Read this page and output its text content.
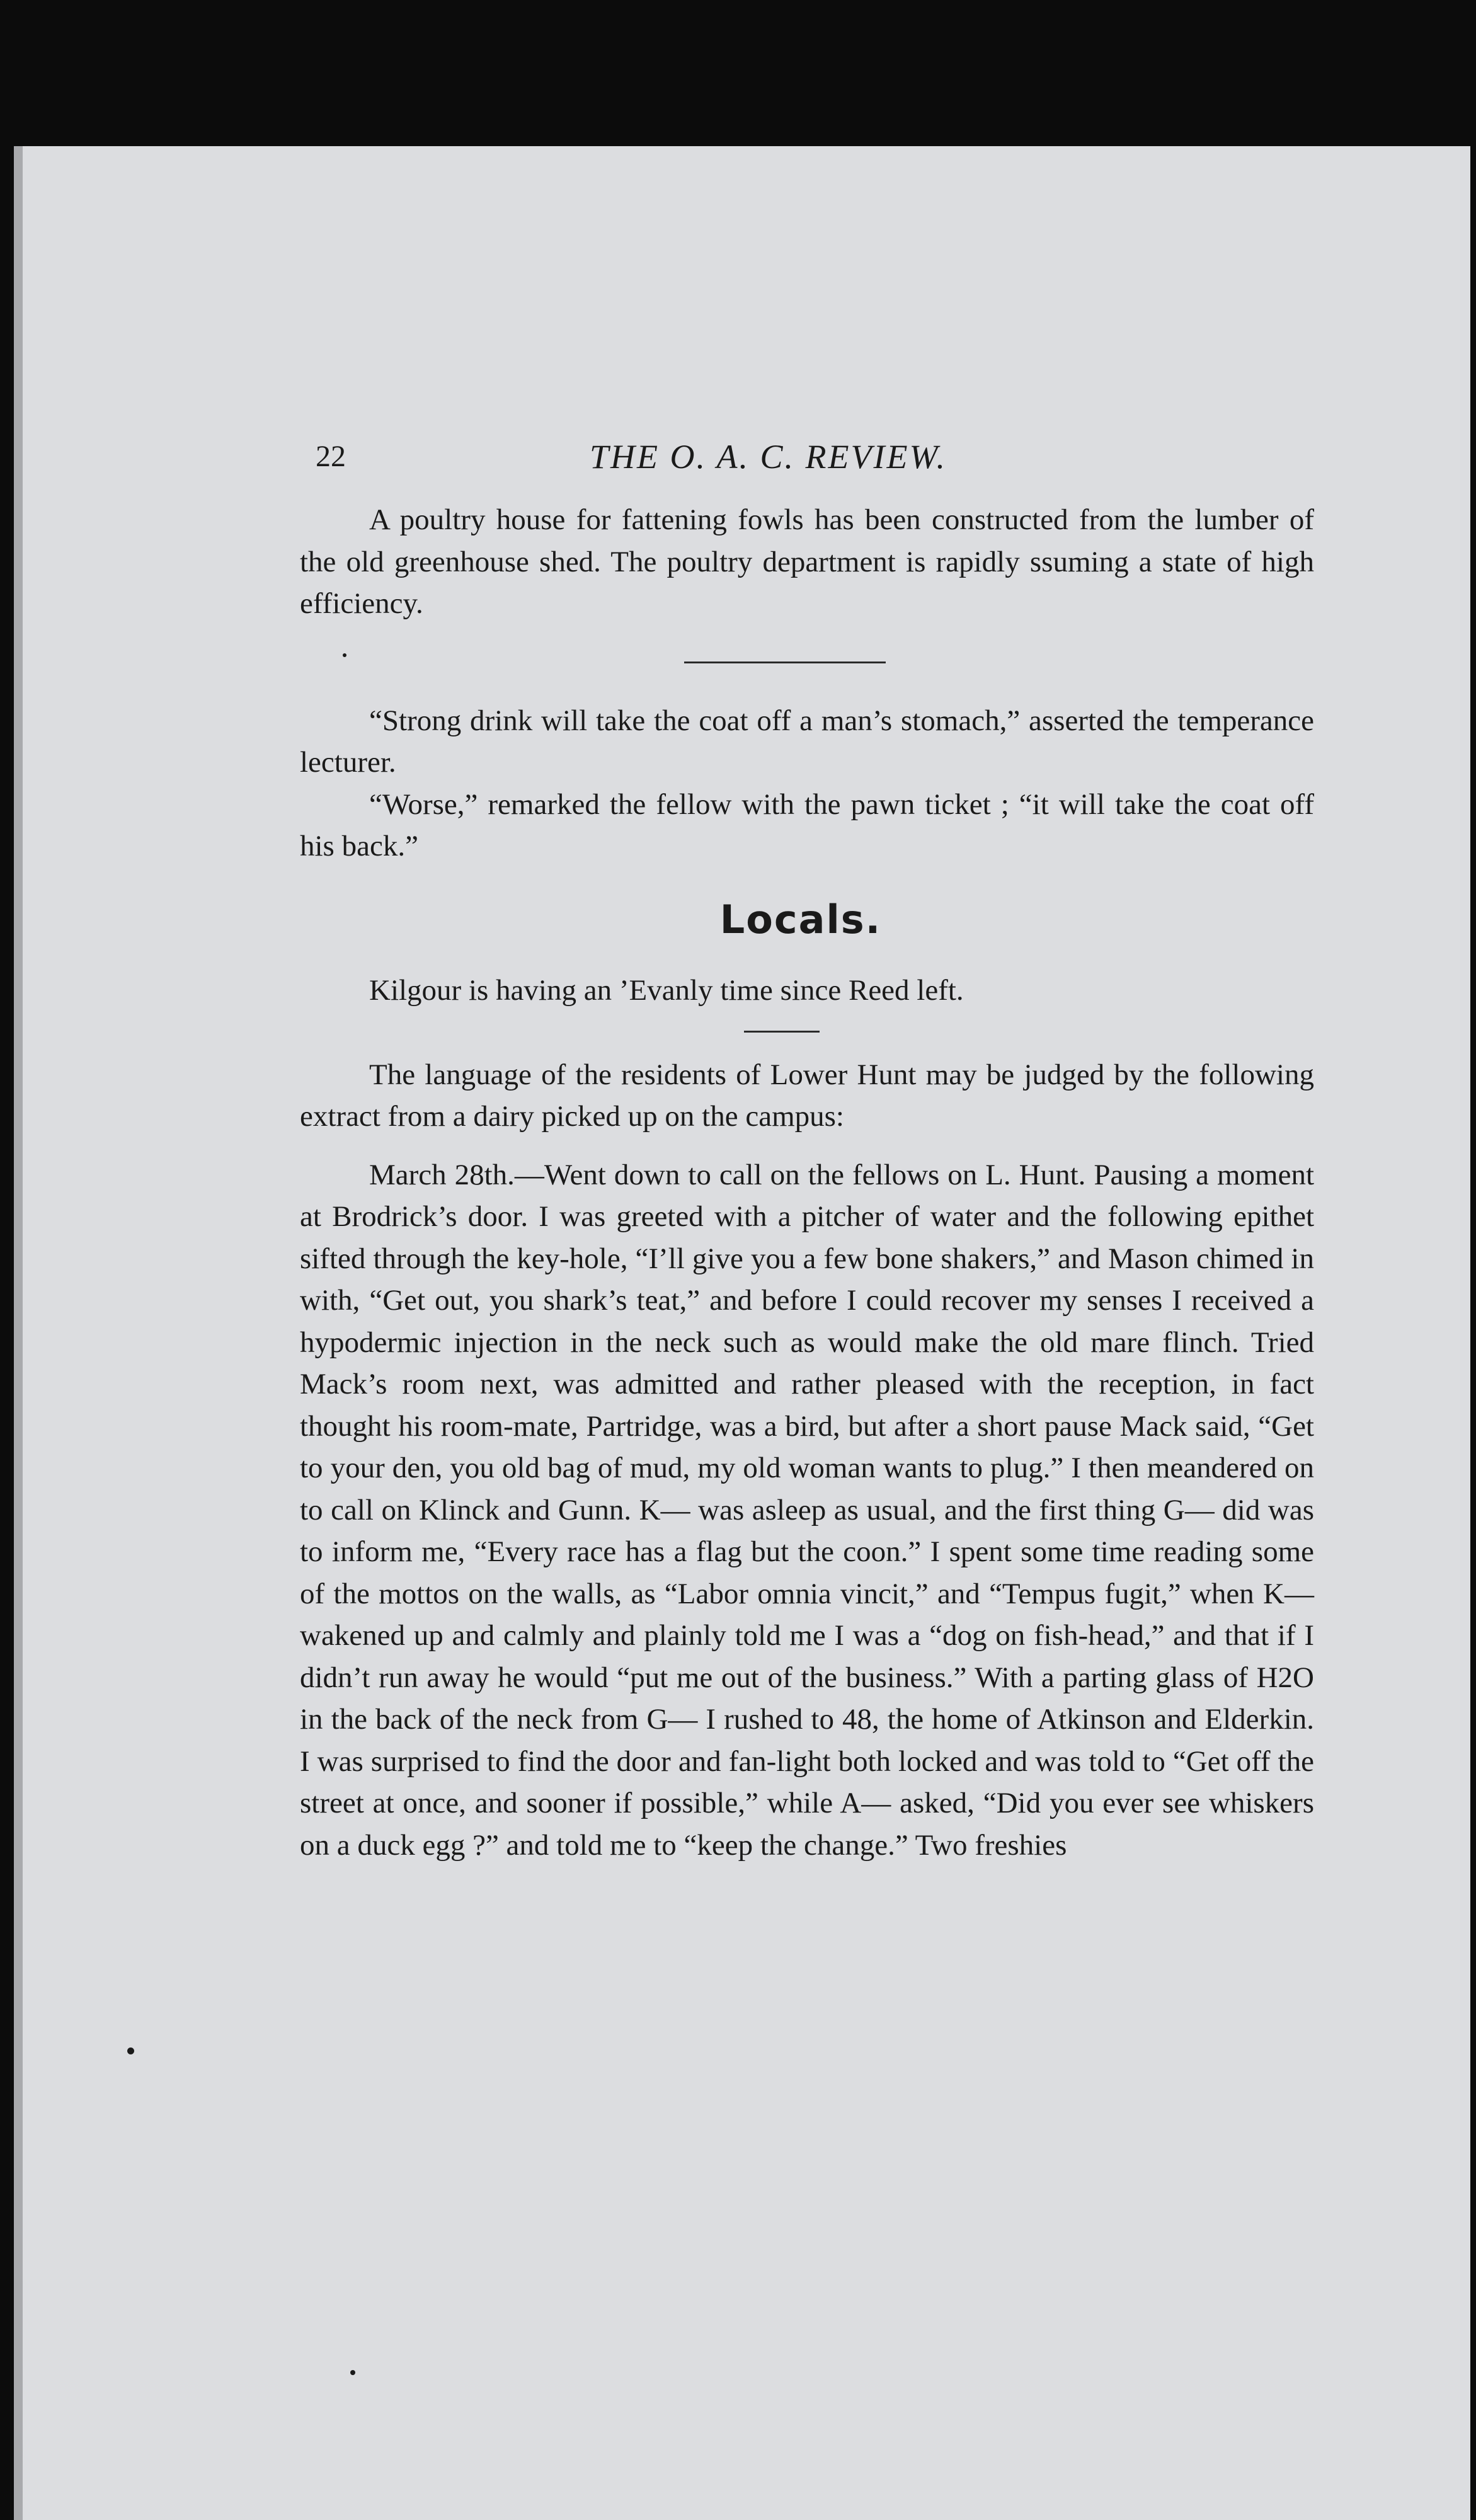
22	THE O. A. C. REVIEW.

A poultry house for fattening fowls has been constructed from the lumber of the old greenhouse shed. The poultry department is rapidly ssuming a state of high efficiency.

“Strong drink will take the coat off a man’s stomach,” asserted the temperance lecturer.

“Worse,” remarked the fellow with the pawn ticket ; “it will take the coat off his back.”

Locals.

Kilgour is having an ’Evanly time since Reed left.

The language of the residents of Lower Hunt may be judged by the following extract from a dairy picked up on the campus:

March 28th.—Went down to call on the fellows on L. Hunt. Pausing a moment at Brodrick’s door. I was greeted with a pitcher of water and the following epithet sifted through the key-hole, “I’ll give you a few bone shakers,” and Mason chimed in with, “Get out, you shark’s teat,” and before I could recover my senses I received a hypodermic injection in the neck such as would make the old mare flinch. Tried Mack’s room next, was admitted and rather pleased with the reception, in fact thought his room-mate, Partridge, was a bird, but after a short pause Mack said, “Get to your den, you old bag of mud, my old woman wants to plug.” I then meandered on to call on Klinck and Gunn. K— was asleep as usual, and the first thing G— did was to inform me, “Every race has a flag but the coon.” I spent some time reading some of the mottos on the walls, as “Labor omnia vincit,” and “Tempus fugit,” when K— wakened up and calmly and plainly told me I was a “dog on fish-head,” and that if I didn’t run away he would “put me out of the business.” With a parting glass of H2O in the back of the neck from G— I rushed to 48, the home of Atkinson and Elderkin. I was surprised to find the door and fan-light both locked and was told to “Get off the street at once, and sooner if possible,” while A— asked, “Did you ever see whiskers on a duck egg ?” and told me to “keep the change.” Two freshies
